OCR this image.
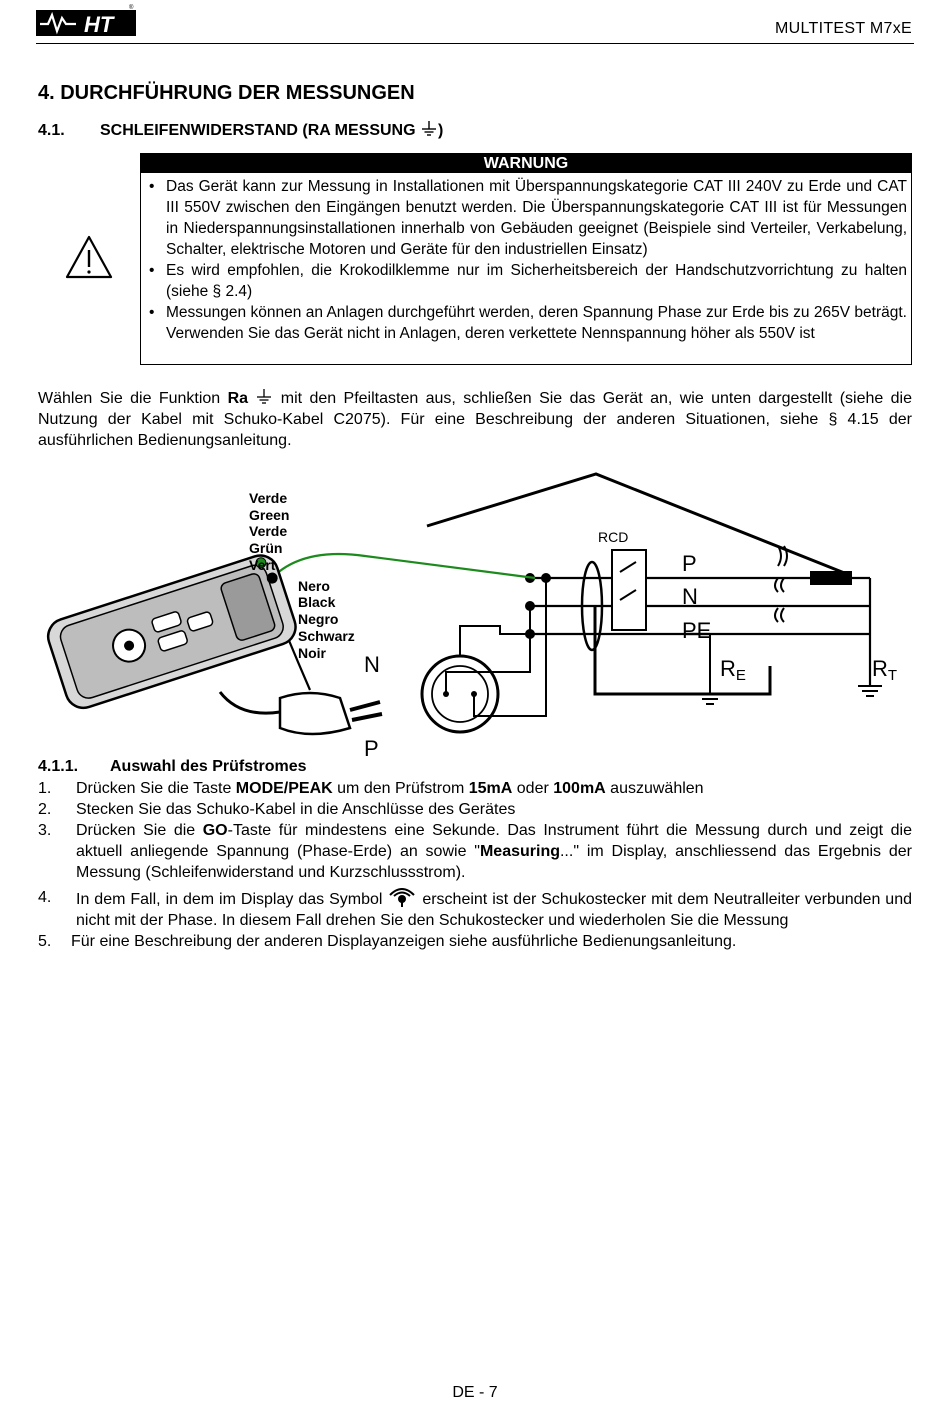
HT
®
MULTITEST M7xE
4. DURCHFÜHRUNG DER MESSUNGEN
4.1. SCHLEIFENWIDERSTAND (RA MESSUNG )
WARNUNG
• Das Gerät kann zur Messung in Installationen mit Überspannungskategorie CAT III 240V zu Erde und CAT III 550V zwischen den Eingängen benutzt werden. Die Überspannungskategorie CAT III ist für Messungen in Niederspannungsinstallationen innerhalb von Gebäuden geeignet (Beispiele sind Verteiler, Verkabelung, Schalter, elektrische Motoren und Geräte für den industriellen Einsatz)
• Es wird empfohlen, die Krokodilklemme nur im Sicherheitsbereich der Handschutzvorrichtung zu halten (siehe § 2.4)
• Messungen können an Anlagen durchgeführt werden, deren Spannung Phase zur Erde bis zu 265V beträgt. Verwenden Sie das Gerät nicht in Anlagen, deren verkettete Nennspannung höher als 550V ist
Wählen Sie die Funktion Ra  mit den Pfeiltasten aus, schließen Sie das Gerät an, wie unten dargestellt (siehe die Nutzung der Kabel mit Schuko-Kabel C2075). Für eine Beschreibung der anderen Situationen, siehe § 4.15 der ausführlichen Bedienungsanleitung.
RCD
P
N
PE
RE	RT
N
P
Verde
Green
Verde
Grün
Vert
Nero
Black
Negro
Schwarz
Noir
4.1.1. Auswahl des Prüfstromes
1. Drücken Sie die Taste MODE/PEAK um den Prüfstrom 15mA oder 100mA auszuwählen
2. Stecken Sie das Schuko-Kabel in die Anschlüsse des Gerätes
3. Drücken Sie die GO-Taste für mindestens eine Sekunde. Das Instrument führt die Messung durch und zeigt die aktuell anliegende Spannung (Phase-Erde) an sowie "Measuring..." im Display, anschliessend das Ergebnis der Messung (Schleifenwiderstand und Kurzschlussstrom).
4. In dem Fall, in dem im Display das Symbol  erscheint ist der Schukostecker mit dem Neutralleiter verbunden und nicht mit der Phase. In diesem Fall drehen Sie den Schukostecker und wiederholen Sie die Messung
5. Für eine Beschreibung der anderen Displayanzeigen siehe ausführliche Bedienungsanleitung.
DE - 7
